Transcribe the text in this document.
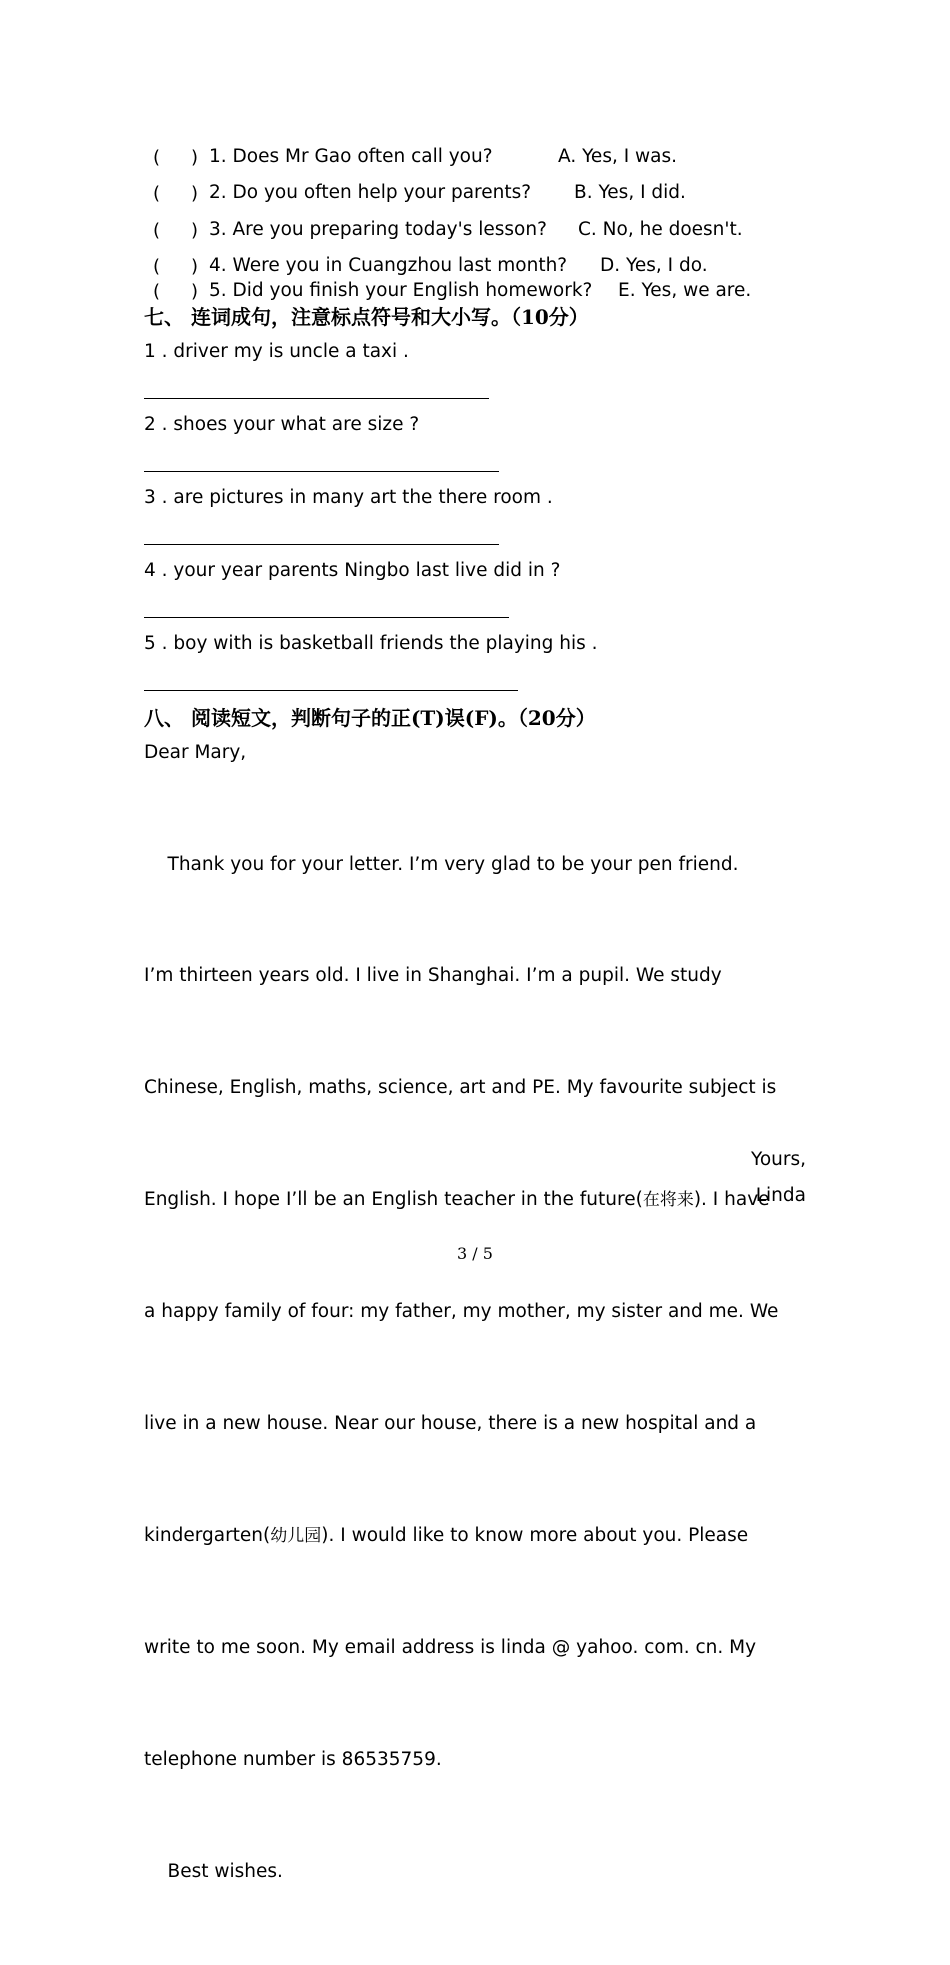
( ) 1. Does Mr Gao often call you?	A. Yes, I was.
( ) 2. Do you often help your parents? B. Yes, I did.
( ) 3. Are you preparing today's lesson? C. No, he doesn't.
( ) 4. Were you in Cuangzhou last month? D. Yes, I do.
( ) 5. Did you finish your English homework? E. Yes, we are.
七、 连词成句，注意标点符号和大小写。（10分）
1 . driver my is uncle a taxi .
2 . shoes your what are size ?
3 . are pictures in many art the there room .
4 . your year parents Ningbo last live did in ?
5 . boy with is basketball friends the playing his .
八、 阅读短文，判断句子的正(T)误(F)。（20分）
Dear Mary,

Thank you for your letter. I’m very glad to be your pen friend.

I’m thirteen years old. I live in Shanghai. I’m a pupil. We study

Chinese, English, maths, science, art and PE. My favourite subject is

English. I hope I’ll be an English teacher in the future(在将来). I have

a happy family of four: my father, my mother, my sister and me. We

live in a new house. Near our house, there is a new hospital and a

kindergarten(幼儿园). I would like to know more about you. Please

write to me soon. My email address is linda @ yahoo. com. cn. My

telephone number is 86535759.

Best wishes.

Yours,
Linda
3 / 5
